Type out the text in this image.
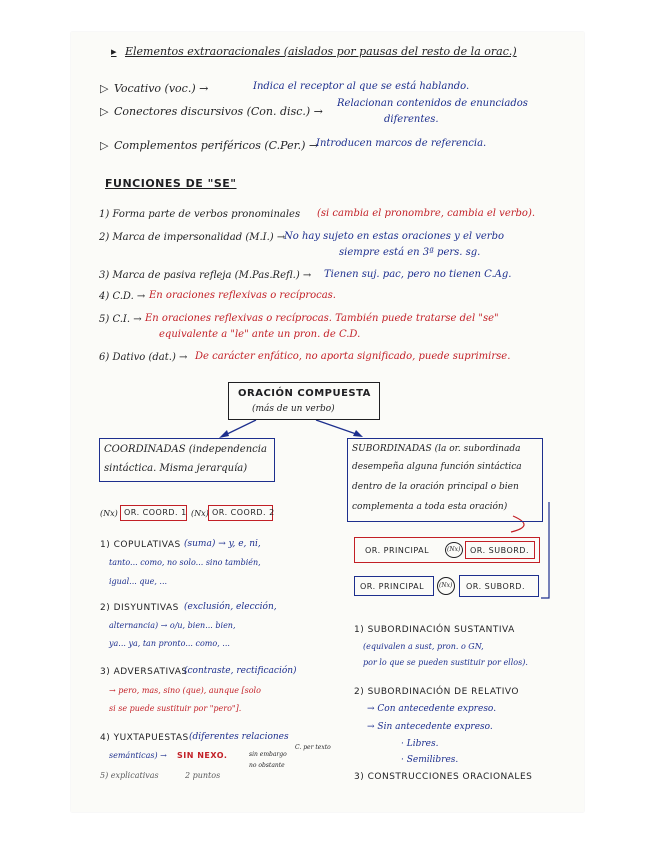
▸ Elementos extraoracionales (aislados por pausas del resto de la orac.)
▷ Vocativo (voc.) →	Indica el receptor al que se está hablando.
▷ Conectores discursivos (Con. disc.) →
Relacionan contenidos de enunciados
diferentes.
▷ Complementos periféricos (C.Per.) →
Introducen marcos de referencia.
FUNCIONES DE "SE"
1) Forma parte de verbos pronominales (si cambia el pronombre, cambia el verbo).
2) Marca de impersonalidad (M.I.) →
No hay sujeto en estas oraciones y el verbo
siempre está en 3ª pers. sg.
3) Marca de pasiva refleja (M.Pas.Refl.) → Tienen suj. pac, pero no tienen C.Ag.
4) C.D. → En oraciones reflexivas o recíprocas.
5) C.I. → En oraciones reflexivas o recíprocas. También puede tratarse del "se"
equivalente a "le" ante un pron. de C.D.
6) Dativo (dat.) → De carácter enfático, no aporta significado, puede suprimirse.
ORACIÓN COMPUESTA
(más de un verbo)
COORDINADAS (independencia
sintáctica. Misma jerarquía)
(Nx) OR. COORD. 1 (Nx) OR. COORD. 2
SUBORDINADAS (la or. subordinada
desempeña alguna función sintáctica
dentro de la oración principal o bien
complementa a toda esta oración)
OR. PRINCIPAL	(Nx) OR. SUBORD.
OR. PRINCIPAL (Nx) OR. SUBORD.
1) COPULATIVAS (suma) → y, e, ni,
tanto... como, no solo... sino también,
igual... que, ...
2) DISYUNTIVAS (exclusión, elección,
alternancia) → o/u, bien... bien,
ya... ya, tan pronto... como, ...
3) ADVERSATIVAS
(contraste, rectificación)
→ pero, mas, sino (que), aunque [solo
si se puede sustituir por "pero"].
4) YUXTAPUESTAS (diferentes relaciones
semánticas) → SIN NEXO.	sin embargo
no obstante
C. per texto
5) explicativas	2 puntos
1) SUBORDINACIÓN SUSTANTIVA
(equivalen a sust, pron. o GN,
por lo que se pueden sustituir por ellos).
2) SUBORDINACIÓN DE RELATIVO
→ Con antecedente expreso.
→ Sin antecedente expreso.
· Libres.
· Semilibres.
3) CONSTRUCCIONES ORACIONALES
